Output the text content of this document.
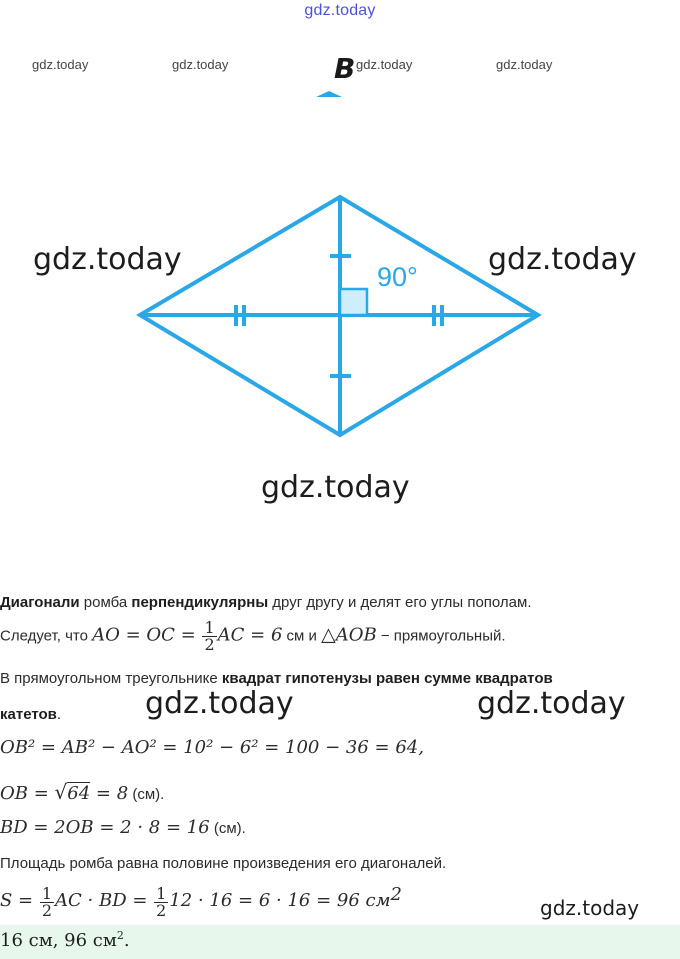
gdz.today
gdz.today	gdz.today	gdz.today	gdz.today
B
90°
gdz.today	gdz.today
gdz.today
Диагонали ромба перпендикулярны друг другу и делят его углы пополам.
Следует, что AO = OC = $\frac{1}{2}$ AC = 6 см и △AOB − прямоугольный.
В прямоугольном треугольнике квадрат гипотенузы равен сумме квадратов
катетов.	gdz.today	gdz.today
OB² = AB² − AO² = 10² − 6² = 100 − 36 = 64,
OB = √64 = 8 (см).
BD = 2OB = 2 · 8 = 16 (см).
Площадь ромба равна половине произведения его диагоналей.
$S = \frac{1}{2}$ AC · BD = $\frac{1}{2} 12 \cdot 16 = 6 \cdot 16 = 96$ $см^2$
gdz.today
16 см, 96 $см^2$.
